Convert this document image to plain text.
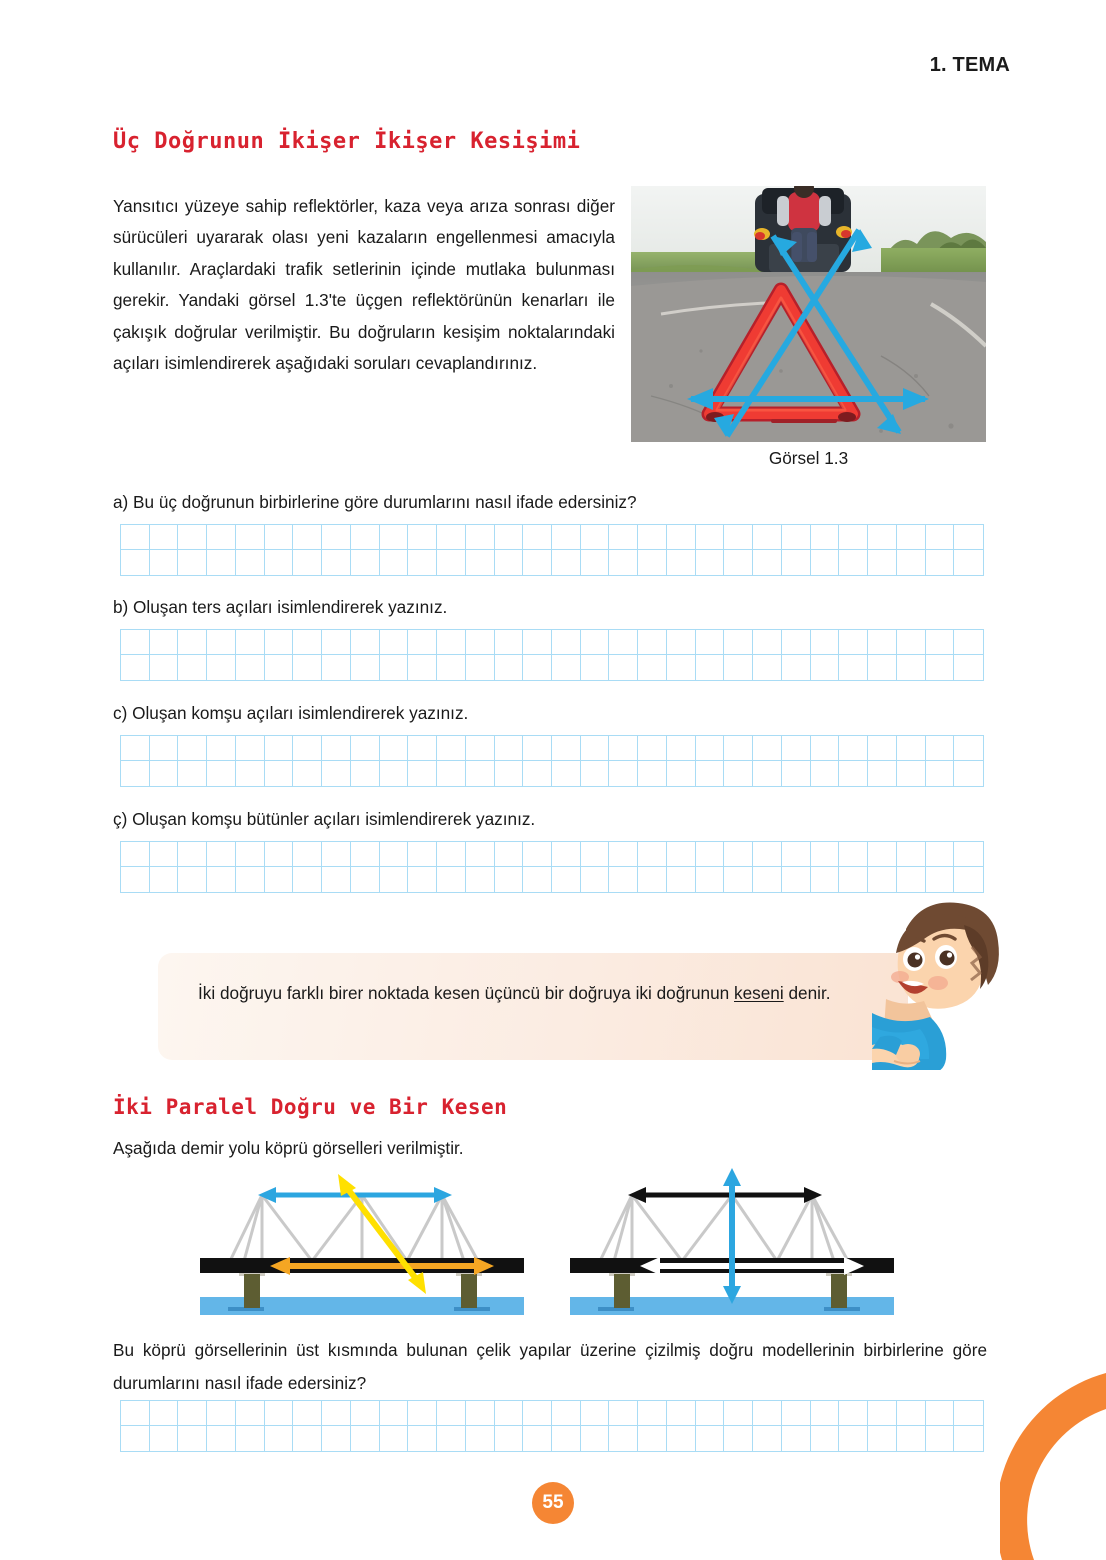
1. TEMA
Üç Doğrunun İkişer İkişer Kesişimi
Yansıtıcı yüzeye sahip reflektörler, kaza veya arıza sonrası diğer sürücüleri uyararak olası yeni kazaların engellenmesi amacıyla kullanılır. Araçlardaki trafik setlerinin içinde mutlaka bulunması gerekir. Yandaki görsel 1.3'te üçgen reflektörünün kenarları ile çakışık doğrular verilmiştir. Bu doğruların kesişim noktalarındaki açıları isimlendirerek aşağıdaki soruları cevaplandırınız.
Görsel 1.3
a) Bu üç doğrunun birbirlerine göre durumlarını nasıl ifade edersiniz?
b) Oluşan ters açıları isimlendirerek yazınız.
c) Oluşan komşu açıları isimlendirerek yazınız.
ç) Oluşan komşu bütünler açıları isimlendirerek yazınız.
İki doğruyu farklı birer noktada kesen üçüncü bir doğruya iki doğrunun keseni denir.
İki Paralel Doğru ve Bir Kesen
Aşağıda demir yolu köprü görselleri verilmiştir.
Bu köprü görsellerinin üst kısmında bulunan çelik yapılar üzerine çizilmiş doğru modellerinin birbirlerine göre durumlarını nasıl ifade edersiniz?
55
